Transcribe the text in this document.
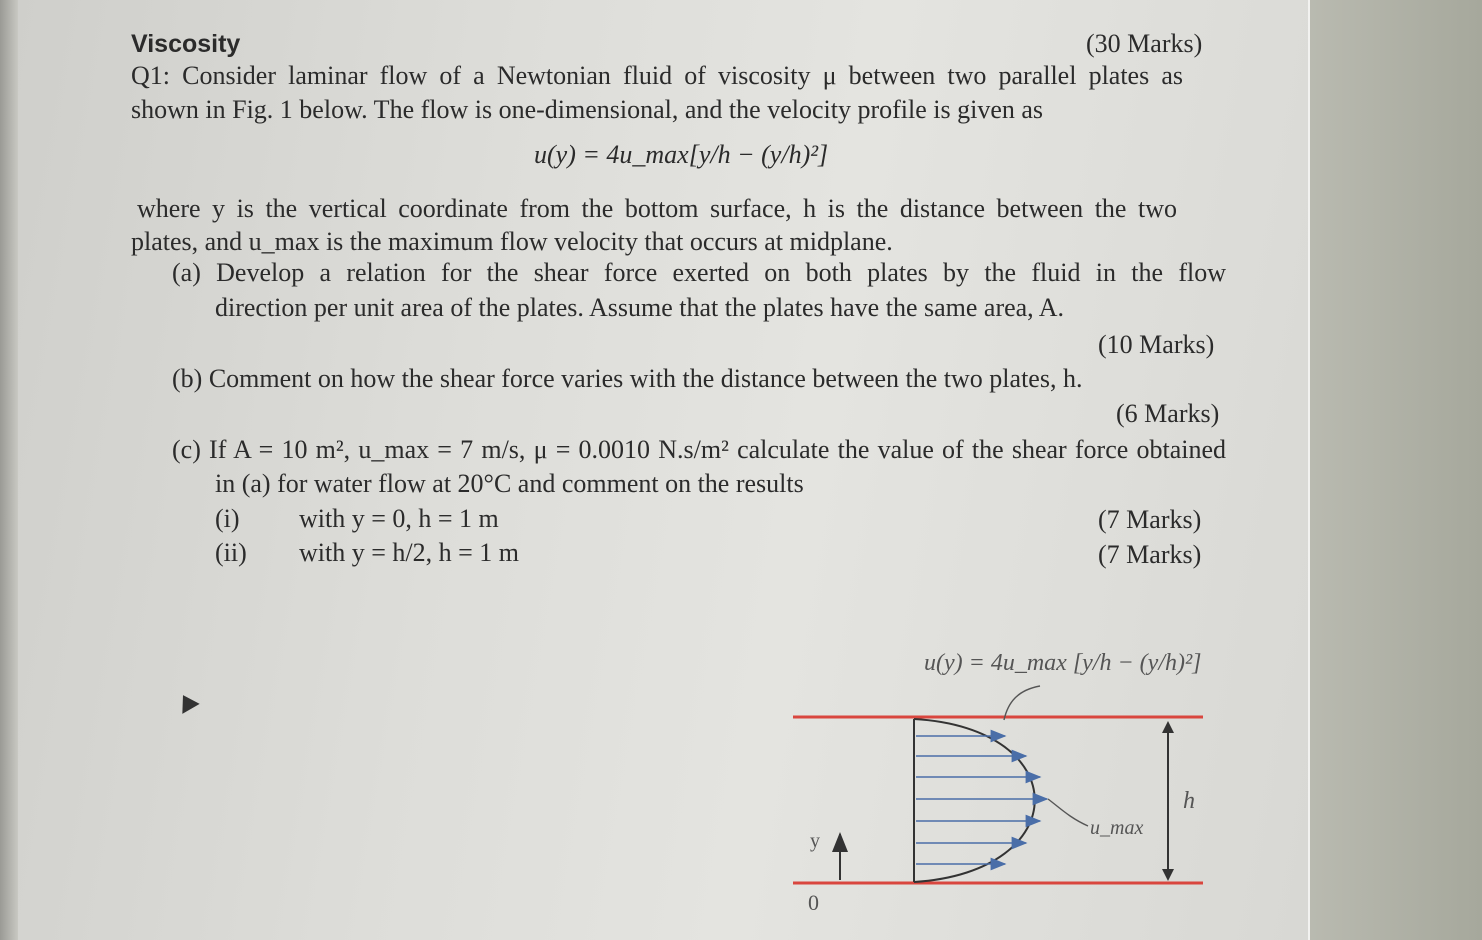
Viscosity	(30 Marks)
Q1: Consider laminar flow of a Newtonian fluid of viscosity μ between two parallel plates as
shown in Fig. 1 below. The flow is one-dimensional, and the velocity profile is given as
u(y) = 4u_max[y/h − (y/h)²]
where y is the vertical coordinate from the bottom surface, h is the distance between the two
plates, and u_max is the maximum flow velocity that occurs at midplane.
(a) Develop a relation for the shear force exerted on both plates by the fluid in the flow
direction per unit area of the plates. Assume that the plates have the same area, A.
(10 Marks)
(b) Comment on how the shear force varies with the distance between the two plates, h.
(6 Marks)
(c) If A = 10 m², u_max = 7 m/s, μ = 0.0010 N.s/m² calculate the value of the shear force obtained
in (a) for water flow at 20°C and comment on the results
(i) with y = 0, h = 1 m	(7 Marks)
(ii) with y = h/2, h = 1 m	(7 Marks)
u(y) = 4u_max [y/h − (y/h)²]
h
u_max
y
0
